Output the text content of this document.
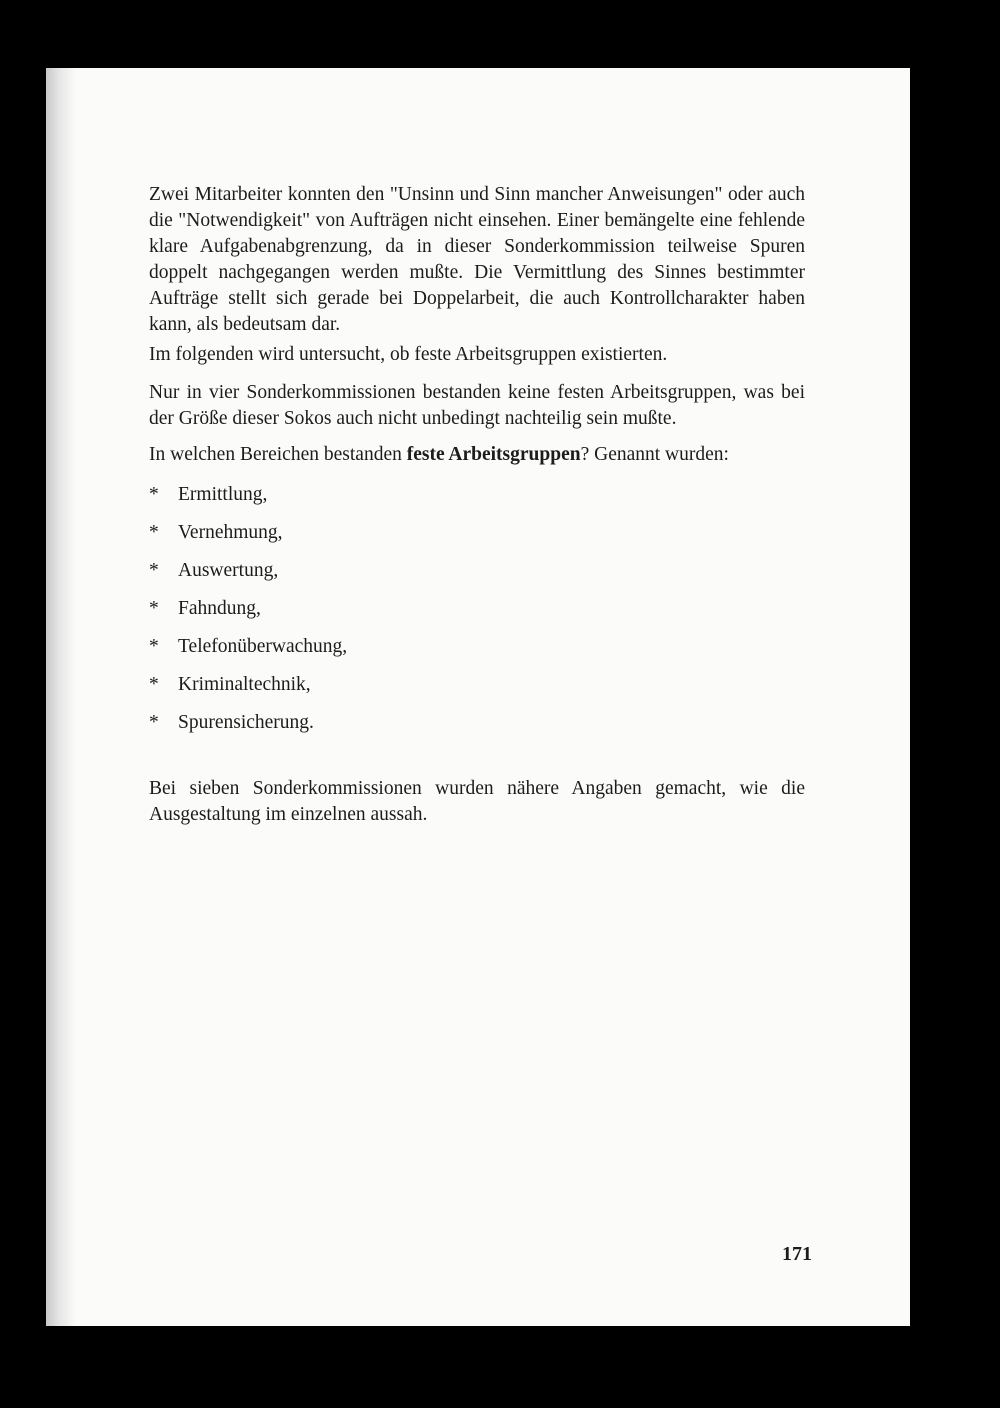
Zwei Mitarbeiter konnten den "Unsinn und Sinn mancher Anweisungen" oder auch die "Notwendigkeit" von Aufträgen nicht einsehen. Einer bemängelte eine fehlende klare Aufgabenabgrenzung, da in dieser Sonderkommission teilweise Spuren doppelt nachgegangen werden mußte. Die Vermittlung des Sinnes bestimmter Aufträge stellt sich gerade bei Doppelarbeit, die auch Kontrollcharakter haben kann, als bedeutsam dar.

Im folgenden wird untersucht, ob feste Arbeitsgruppen existierten.

Nur in vier Sonderkommissionen bestanden keine festen Arbeitsgruppen, was bei der Größe dieser Sokos auch nicht unbedingt nachteilig sein mußte.

In welchen Bereichen bestanden feste Arbeitsgruppen? Genannt wurden:

* Ermittlung,
* Vernehmung,
* Auswertung,
* Fahndung,
* Telefonüberwachung,
* Kriminaltechnik,
* Spurensicherung.

Bei sieben Sonderkommissionen wurden nähere Angaben gemacht, wie die Ausgestaltung im einzelnen aussah.

171
